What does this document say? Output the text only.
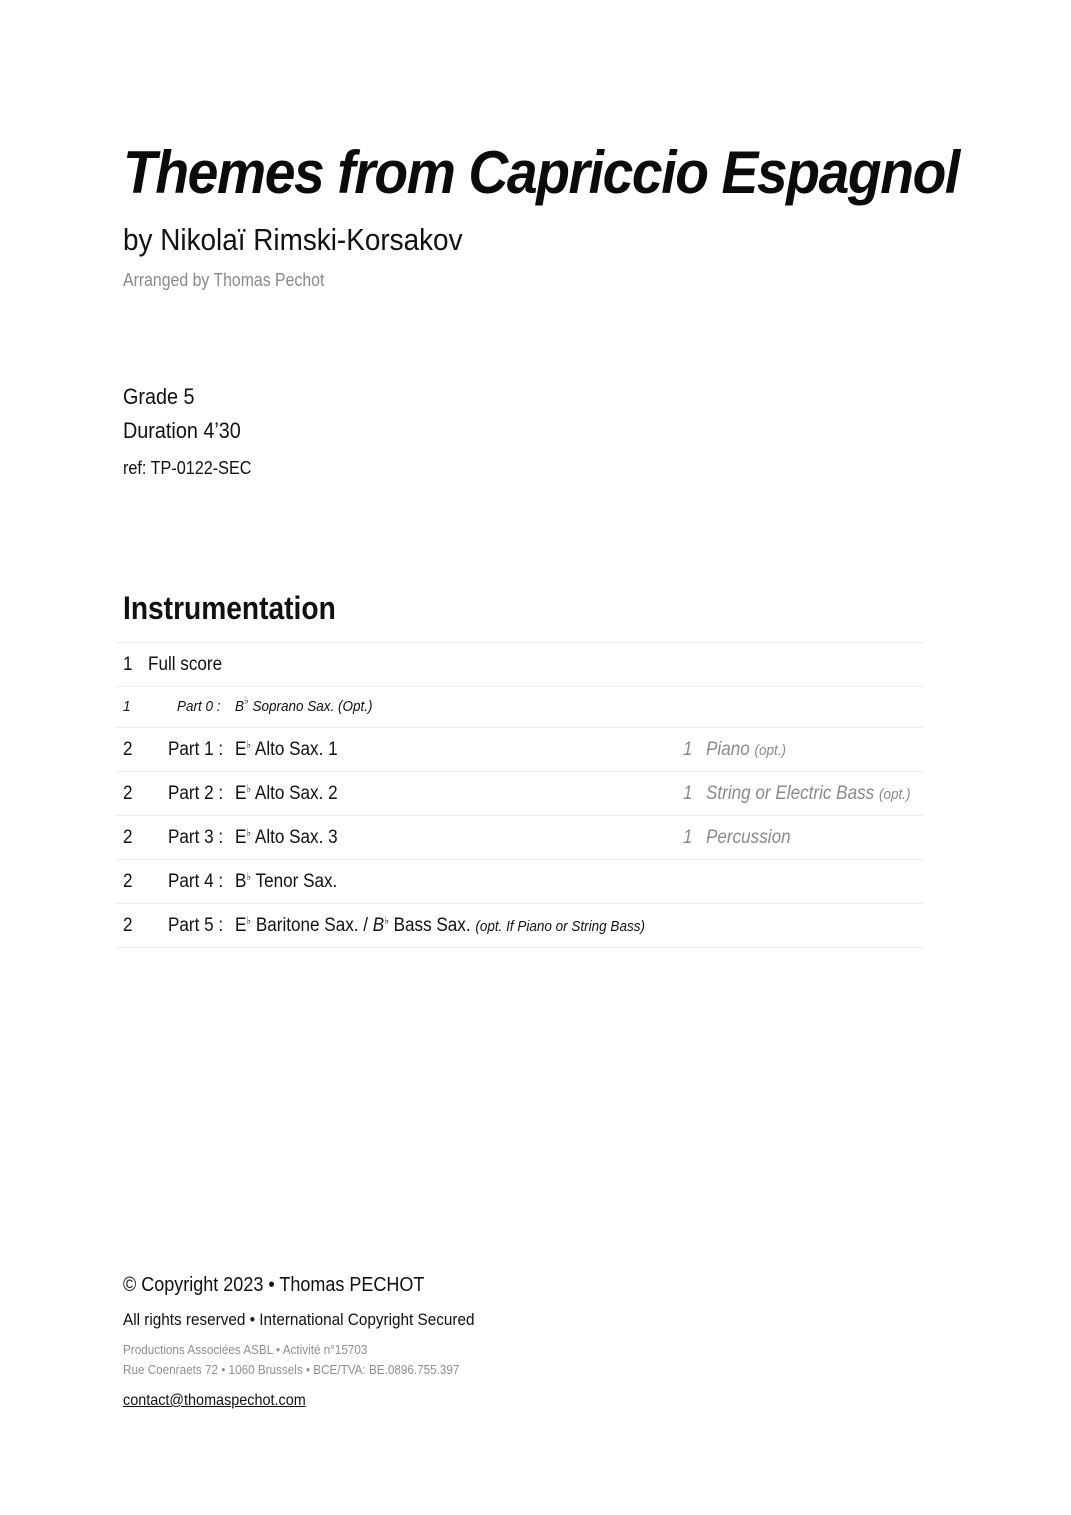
Themes from Capriccio Espagnol
by Nikolaï Rimski-Korsakov
Arranged by Thomas Pechot
Grade 5
Duration 4’30
ref: TP-0122-SEC
Instrumentation
1 Full score
1	Part 0 : B♭ Soprano Sax. (Opt.)
2 Part 1 : E♭ Alto Sax. 1	1 Piano (opt.)
2 Part 2 : E♭ Alto Sax. 2	1 String or Electric Bass (opt.)
2 Part 3 : E♭ Alto Sax. 3	1 Percussion
2 Part 4 : B♭ Tenor Sax.
2 Part 5 : E♭ Baritone Sax. / B♭ Bass Sax. (opt. If Piano or String Bass)
© Copyright 2023 • Thomas PECHOT
All rights reserved • International Copyright Secured
Productions Associées ASBL • Activité n°15703
Rue Coenraets 72 • 1060 Brussels • BCE/TVA: BE.0896.755.397
contact@thomaspechot.com
